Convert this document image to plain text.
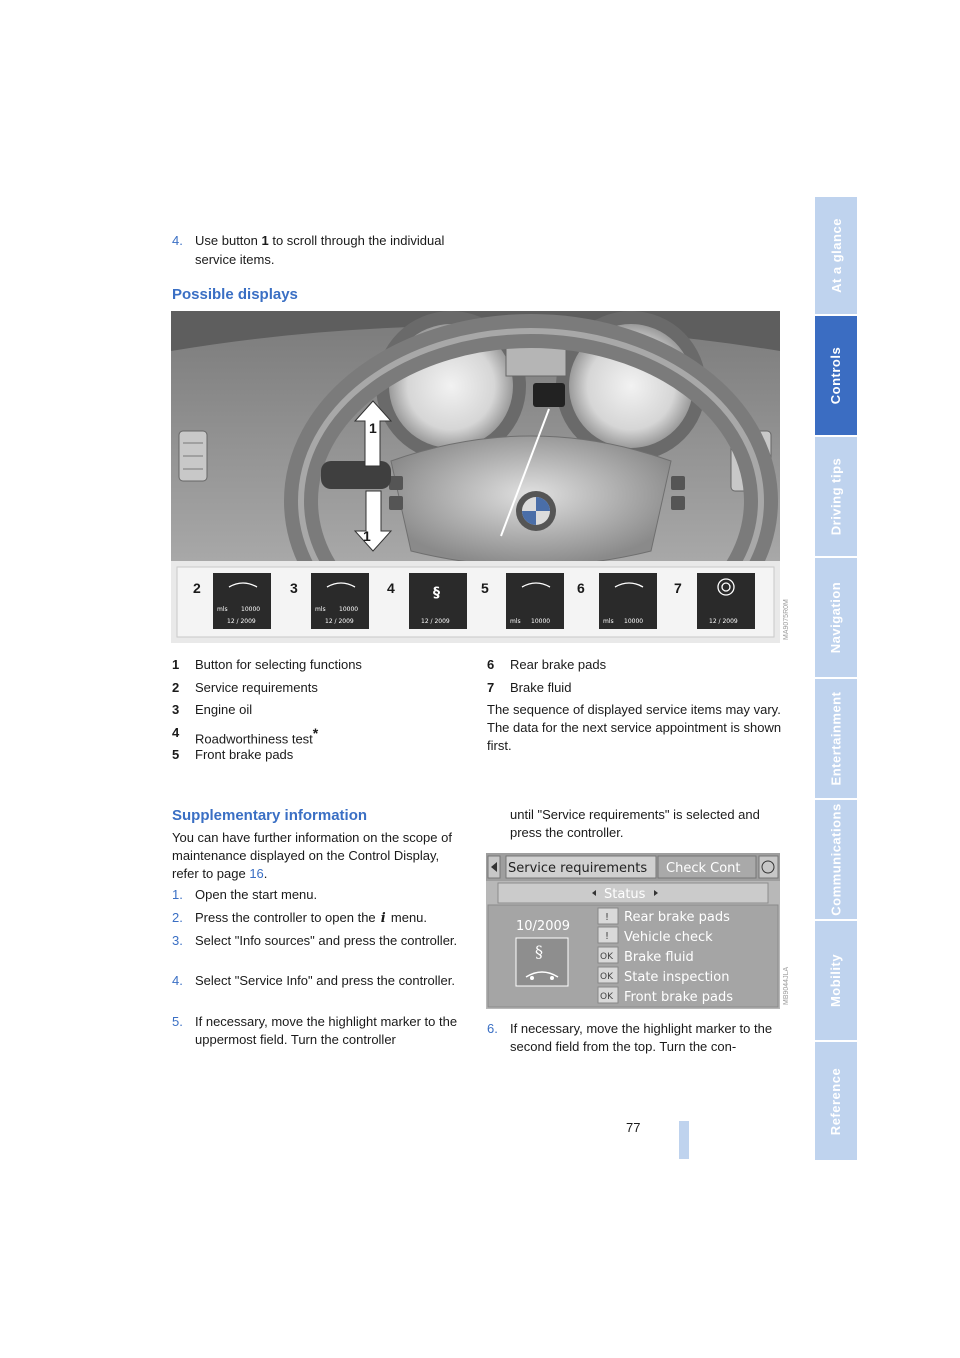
4. Use button 1 to scroll through the individual service items.
Possible displays
mls 10000
12 / 2009
mls 10000
12 / 2009	12 / 2009	mls 10000	mls 10000	12 / 2009
§
1
1
2	3	4	5	6	7
MA9075R0M
1 Button for selecting functions
2 Service requirements
3 Engine oil
4 Roadworthiness test*
5 Front brake pads
6 Rear brake pads
7 Brake fluid
The sequence of displayed service items may vary. The data for the next service appointment is shown first.
Supplementary information
You can have further information on the scope of maintenance displayed on the Control Display, refer to page 16.
1. Open the start menu.
2. Press the controller to open the i menu.
3. Select "Info sources" and press the controller.
4. Select "Service Info" and press the controller.
5. If necessary, move the highlight marker to the uppermost field. Turn the controller
until "Service requirements" is selected and press the controller.
Service requirements Check Cont
Status
10/2009
§
! Rear brake pads
! Vehicle check
OK Brake fluid
OK State inspection
OK Front brake pads	MB9044JLA
6. If necessary, move the highlight marker to the second field from the top. Turn the con-
77
At a glance
Controls
Driving tips
Navigation
Entertainment
Communications
Mobility
Reference
